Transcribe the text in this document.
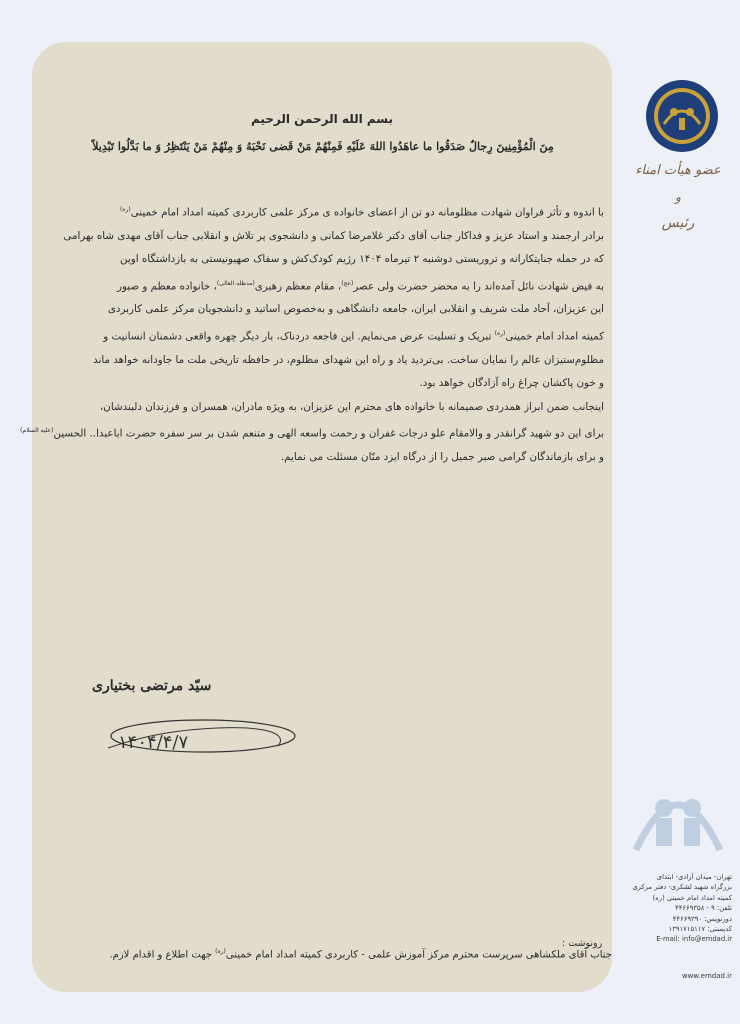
بسم الله الرحمن الرحيم
مِنَ الْمُؤْمِنِينَ رِجالٌ صَدَقُوا ما عاهَدُوا اللهَ عَلَيْهِ فَمِنْهُمْ مَنْ قَضى نَحْبَهُ وَ مِنْهُمْ مَنْ يَنْتَظِرُ وَ ما بَدَّلُوا تَبْدِيلاً

با اندوه و تأثر فراوان شهادت مظلومانه دو تن از اعضای خانواده ی مرکز علمی کاربردی کمیته امداد امام خمینی$^{(ره)}$
برادر ارجمند و استاد عزیز و فداکار جناب آقای دکتر غلامرضا کمانی و دانشجوی پر تلاش و انقلابی جناب آقای مهدی شاه بهرامی
که در حمله جنایتکارانه و تروریستی دوشنبه ۲ تیرماه ۱۴۰۴ رژیم کودک‌کش و سفاک صهیونیستی به بازداشتگاه اوین
به فیض شهادت نائل آمده‌اند را به محضر حضرت ولی عصر$^{(عج)}$، مقام معظم رهبری$^{(مدظله العالی)}$، خانواده معظم و صبور
این عزیزان، آحاد ملت شریف و انقلابی ایران، جامعه دانشگاهی و به‌خصوص اساتید و دانشجویان مرکز علمی کاربردی
کمیته امداد امام خمینی$^{(ره)}$ تبریک و تسلیت عرض می‌نمایم. این فاجعه دردناک، بار دیگر چهره واقعی دشمنان انسانیت و
مظلوم‌ستیزان عالم را نمایان ساخت. بی‌تردید یاد و راه این شهدای مظلوم، در حافظه تاریخی ملت ما جاودانه خواهد ماند
و خون پاکشان چراغ راه آزادگان خواهد بود.

اینجانب ضمن ابراز همدردی صمیمانه با خانواده های محترم این عزیزان، به ویژه مادران، همسران و فرزندان دلبندشان،
برای این دو شهید گرانقدر و والامقام علو درجات غفران و رحمت واسعه الهی و متنعم شدن بر سر سفره حضرت اباعبدا.. الحسین$^{(علیه السلام)}$
و برای بازماندگان گرامی صبر جمیل را از درگاه ایزد منّان مسئلت می نمایم.

سیّد مرتضی بختیاری
۱۴۰۴/۴/۷
رونوشت :
جناب آقای ملکشاهی سرپرست محترم مرکز آموزش علمی - کاربردی کمیته امداد امام خمینی$^{(ره)}$ جهت اطلاع و اقدام لازم.
عضو هیأت امناء
و
رئیس
تهران- میدان آزادی- ابتدای
بزرگراه شهید لشکری- دفتر مرکزی
کمیته امداد امام خمینی (ره)
تلفن: ۹ - ۴۴۶۶۹۳۵۸
دورنویس: ۴۴۶۶۹۳۹۰
کدپستی: ۱۳۹۱۷۱۵۱۱۷
E-mail: info@emdad.ir
www.emdad.ir
